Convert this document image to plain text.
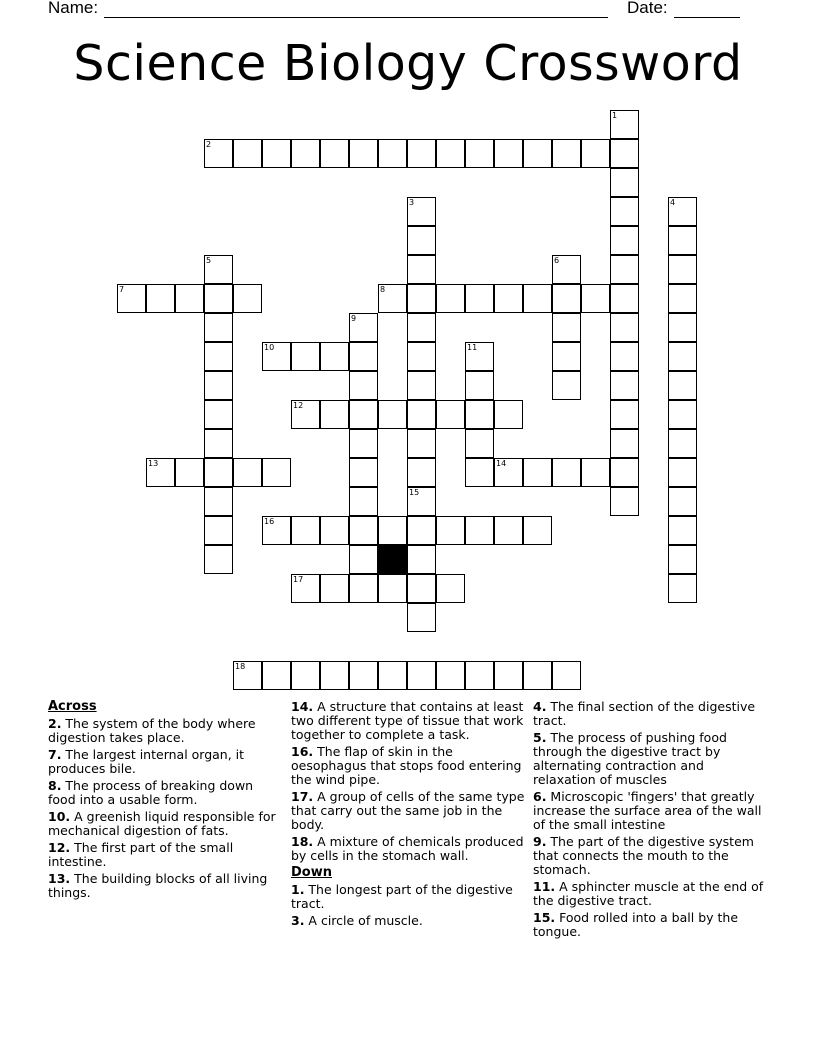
Name:	Date:
Science Biology Crossword
2
7	8
10
12
13	14
16
17
18
1
3	4
5	6
9
11
15
Across
2. The system of the body where digestion takes place.
7. The largest internal organ, it produces bile.
8. The process of breaking down food into a usable form.
10. A greenish liquid responsible for mechanical digestion of fats.
12. The first part of the small intestine.
13. The building blocks of all living things.
14. A structure that contains at least two different type of tissue that work together to complete a task.
16. The flap of skin in the oesophagus that stops food entering the wind pipe.
17. A group of cells of the same type that carry out the same job in the body.
18. A mixture of chemicals produced by cells in the stomach wall.
Down
1. The longest part of the digestive tract.
3. A circle of muscle.
4. The final section of the digestive tract.
5. The process of pushing food through the digestive tract by alternating contraction and relaxation of muscles
6. Microscopic 'fingers' that greatly increase the surface area of the wall of the small intestine
9. The part of the digestive system that connects the mouth to the stomach.
11. A sphincter muscle at the end of the digestive tract.
15. Food rolled into a ball by the tongue.
